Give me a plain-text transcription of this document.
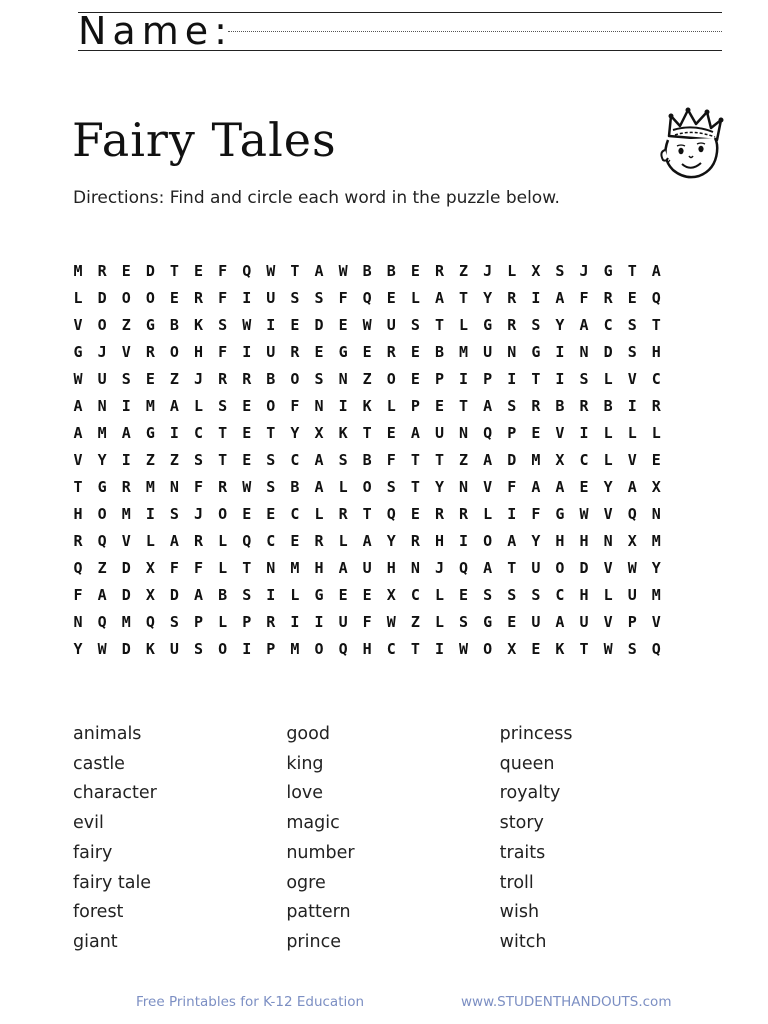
Name:
Fairy Tales
Directions: Find and circle each word in the puzzle below.
M	R	E	D	T	E	F	Q	W	T	A	W	B	B	E	R	Z	J	L	X	S	J	G	T	A
L	D	O	O	E	R	F	I	U	S	S	F	Q	E	L	A	T	Y	R	I	A	F	R	E	Q
V	O	Z	G	B	K	S	W	I	E	D	E	W	U	S	T	L	G	R	S	Y	A	C	S	T
G	J	V	R	O	H	F	I	U	R	E	G	E	R	E	B	M	U	N	G	I	N	D	S	H
W	U	S	E	Z	J	R	R	B	O	S	N	Z	O	E	P	I	P	I	T	I	S	L	V	C
A	N	I	M	A	L	S	E	O	F	N	I	K	L	P	E	T	A	S	R	B	R	B	I	R
A	M	A	G	I	C	T	E	T	Y	X	K	T	E	A	U	N	Q	P	E	V	I	L	L	L
V	Y	I	Z	Z	S	T	E	S	C	A	S	B	F	T	T	Z	A	D	M	X	C	L	V	E
T	G	R	M	N	F	R	W	S	B	A	L	O	S	T	Y	N	V	F	A	A	E	Y	A	X
H	O	M	I	S	J	O	E	E	C	L	R	T	Q	E	R	R	L	I	F	G	W	V	Q	N
R	Q	V	L	A	R	L	Q	C	E	R	L	A	Y	R	H	I	O	A	Y	H	H	N	X	M
Q	Z	D	X	F	F	L	T	N	M	H	A	U	H	N	J	Q	A	T	U	O	D	V	W	Y
F	A	D	X	D	A	B	S	I	L	G	E	E	X	C	L	E	S	S	S	C	H	L	U	M
N	Q	M	Q	S	P	L	P	R	I	I	U	F	W	Z	L	S	G	E	U	A	U	V	P	V
Y	W	D	K	U	S	O	I	P	M	O	Q	H	C	T	I	W	O	X	E	K	T	W	S	Q
animals
castle
character
evil
fairy
fairy tale
forest
giant
good
king
love
magic
number
ogre
pattern
prince
princess
queen
royalty
story
traits
troll
wish
witch
Free Printables for K-12 Education	www.STUDENTHANDOUTS.com
